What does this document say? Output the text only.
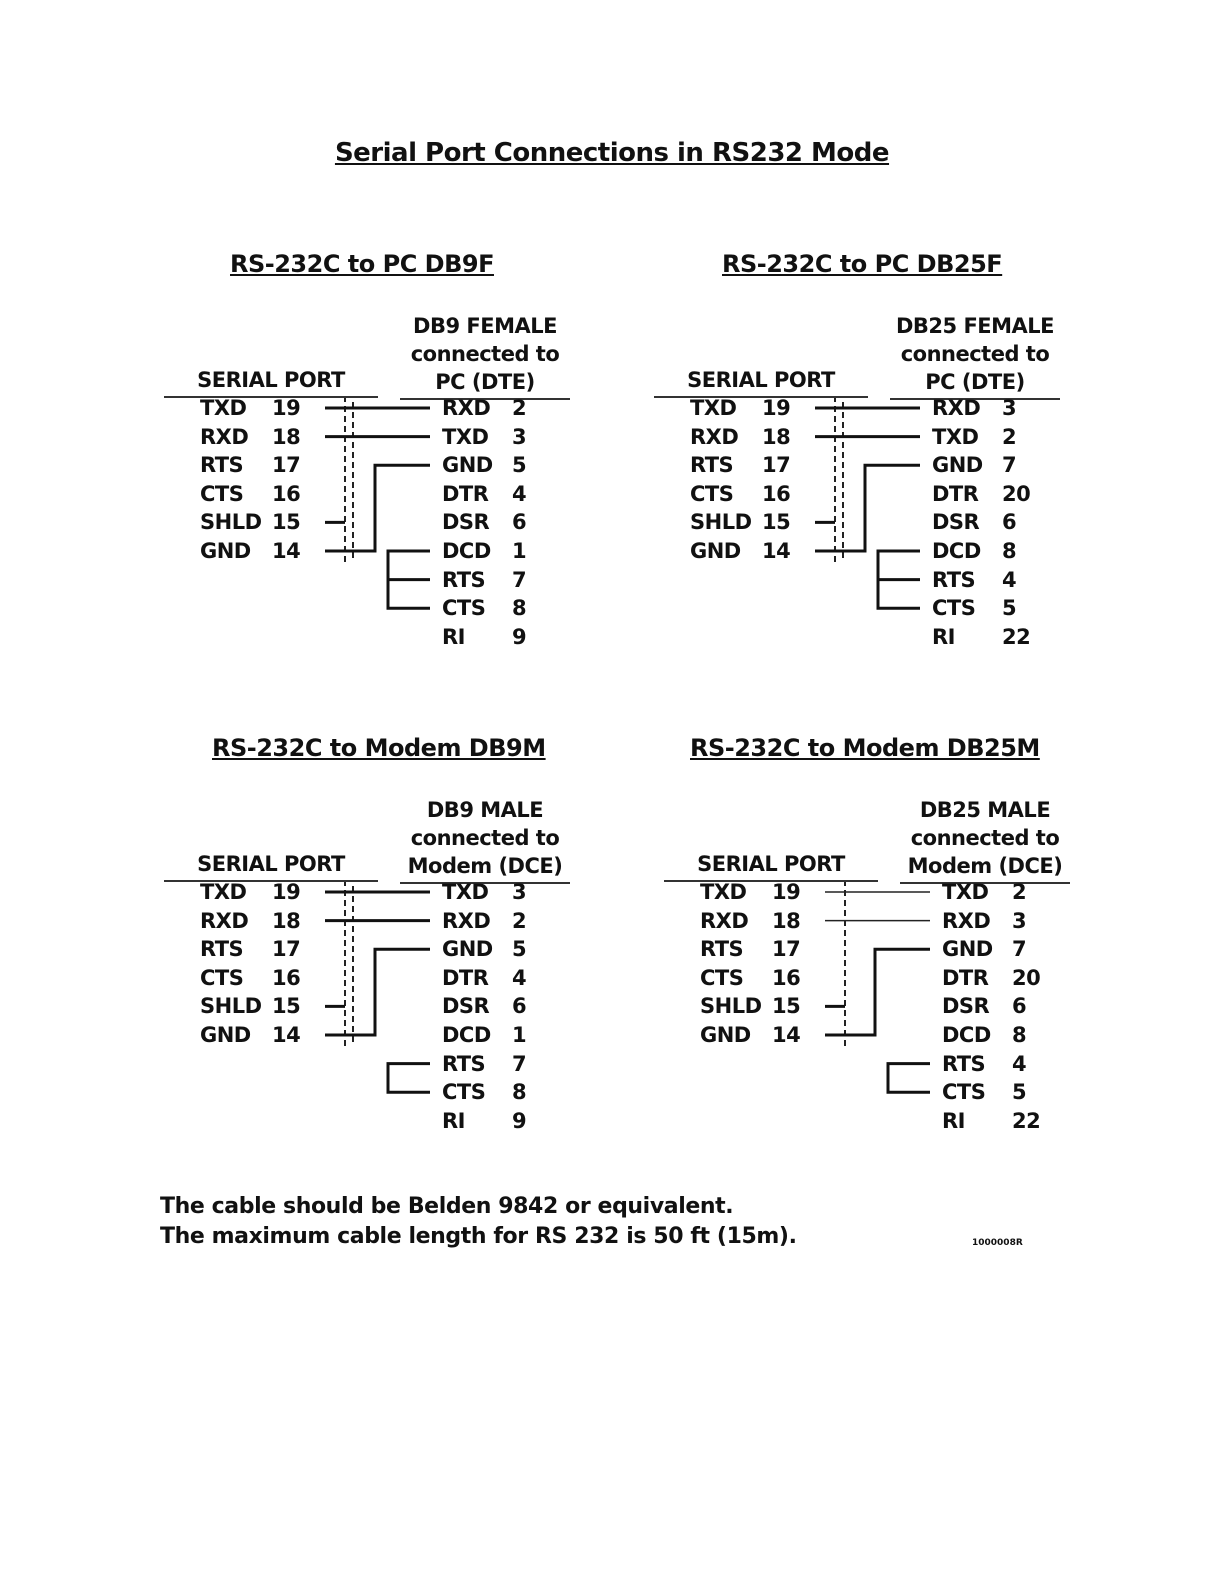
Serial Port Connections in RS232 Mode
RS-232C to PC DB9F
SERIAL PORT
DB9 FEMALE
connected to
PC (DTE)
TXD 19
RXD 18
RTS 17
CTS 16
SHLD 15
GND 14
RXD 2
TXD 3
GND 5
DTR 4
DSR 6
DCD 1
RTS 7
CTS 8
RI 9
RS-232C to PC DB25F
SERIAL PORT
DB25 FEMALE
connected to
PC (DTE)
TXD 19
RXD 18
RTS 17
CTS 16
SHLD 15
GND 14
RXD 3
TXD 2
GND 7
DTR 20
DSR 6
DCD 8
RTS 4
CTS 5
RI 22
RS-232C to Modem DB9M
SERIAL PORT
DB9 MALE
connected to
Modem (DCE)
TXD 19
RXD 18
RTS 17
CTS 16
SHLD 15
GND 14
TXD 3
RXD 2
GND 5
DTR 4
DSR 6
DCD 1
RTS 7
CTS 8
RI 9
RS-232C to Modem DB25M
SERIAL PORT
DB25 MALE
connected to
Modem (DCE)
TXD 19
RXD 18
RTS 17
CTS 16
SHLD 15
GND 14
TXD 2
RXD 3
GND 7
DTR 20
DSR 6
DCD 8
RTS 4
CTS 5
RI 22
The cable should be Belden 9842 or equivalent.
The maximum cable length for RS 232 is 50 ft (15m).	1000008R
